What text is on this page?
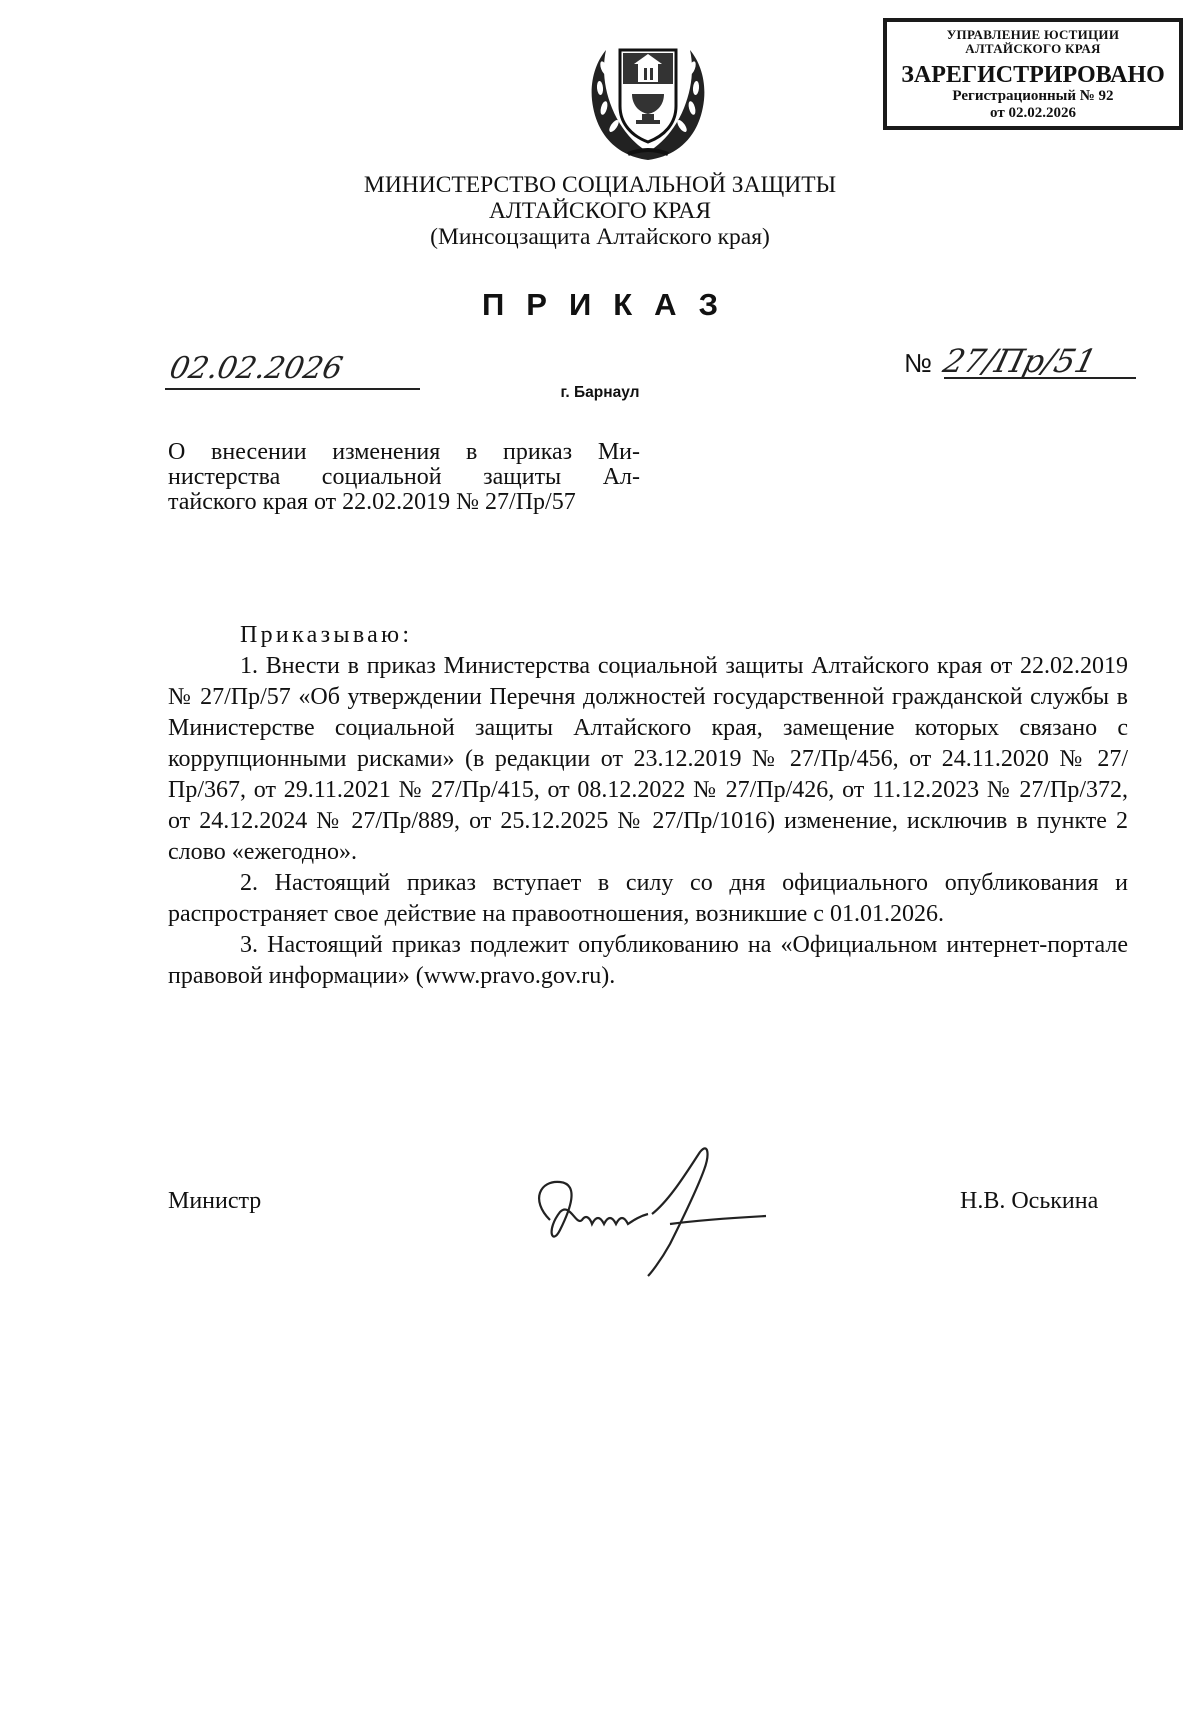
УПРАВЛЕНИЕ ЮСТИЦИИ
АЛТАЙСКОГО КРАЯ
ЗАРЕГИСТРИРОВАНО
Регистрационный № 92
от 02.02.2026
МИНИСТЕРСТВО СОЦИАЛЬНОЙ ЗАЩИТЫ
АЛТАЙСКОГО КРАЯ
(Минсоцзащита Алтайского края)
ПРИКАЗ
02.02.2026	№ 27/Пр/51
г. Барнаул
О внесении изменения в приказ Ми-
нистерства социальной защиты Ал-
тайского края от 22.02.2019 № 27/Пр/57
Приказываю:

1. Внести в приказ Министерства социальной защиты Алтайского края от 22.02.2019 № 27/Пр/57 «Об утверждении Перечня должностей государственной гражданской службы в Министерстве социальной защиты Алтайского края, замещение которых связано с коррупционными рисками» (в редакции от 23.12.2019 № 27/Пр/456, от 24.11.2020 № 27/Пр/367, от 29.11.2021 № 27/Пр/415, от 08.12.2022 № 27/Пр/426, от 11.12.2023 № 27/Пр/372, от 24.12.2024 № 27/Пр/889, от 25.12.2025 № 27/Пр/1016) изменение, исключив в пункте 2 слово «ежегодно».

2. Настоящий приказ вступает в силу со дня официального опубликования и распространяет свое действие на правоотношения, возникшие с 01.01.2026.

3. Настоящий приказ подлежит опубликованию на «Официальном интернет-портале правовой информации» (www.pravo.gov.ru).

Министр	Н.В. Оськина
